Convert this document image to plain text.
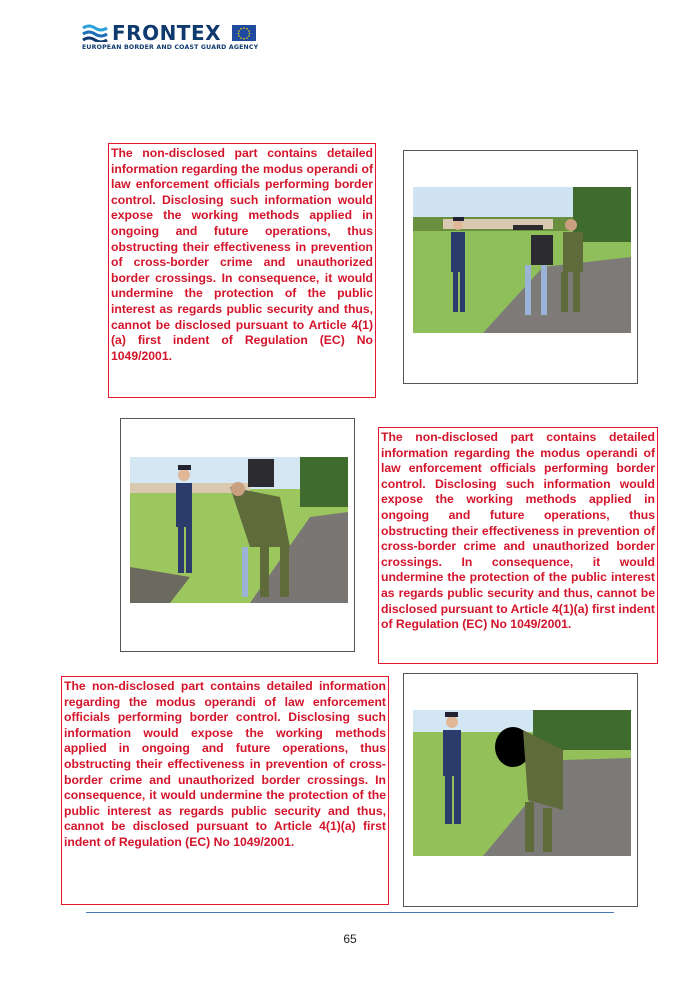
FRONTEX
EUROPEAN BORDER AND COAST GUARD AGENCY
The non-disclosed part contains detailed information regarding the modus operandi of law enforcement officials performing border control. Disclosing such information would expose the working methods applied in ongoing and future operations, thus obstructing their effectiveness in prevention of cross-border crime and unauthorized border crossings. In consequence, it would undermine the protection of the public interest as regards public security and thus, cannot be disclosed pursuant to Article 4(1)(a) first indent of Regulation (EC) No 1049/2001.
The non-disclosed part contains detailed information regarding the modus operandi of law enforcement officials performing border control. Disclosing such information would expose the working methods applied in ongoing and future operations, thus obstructing their effectiveness in prevention of cross-border crime and unauthorized border crossings. In consequence, it would undermine the protection of the public interest as regards public security and thus, cannot be disclosed pursuant to Article 4(1)(a) first indent of Regulation (EC) No 1049/2001.
The non-disclosed part contains detailed information regarding the modus operandi of law enforcement officials performing border control. Disclosing such information would expose the working methods applied in ongoing and future operations, thus obstructing their effectiveness in prevention of cross-border crime and unauthorized border crossings. In consequence, it would undermine the protection of the public interest as regards public security and thus, cannot be disclosed pursuant to Article 4(1)(a) first indent of Regulation (EC) No 1049/2001.
65
